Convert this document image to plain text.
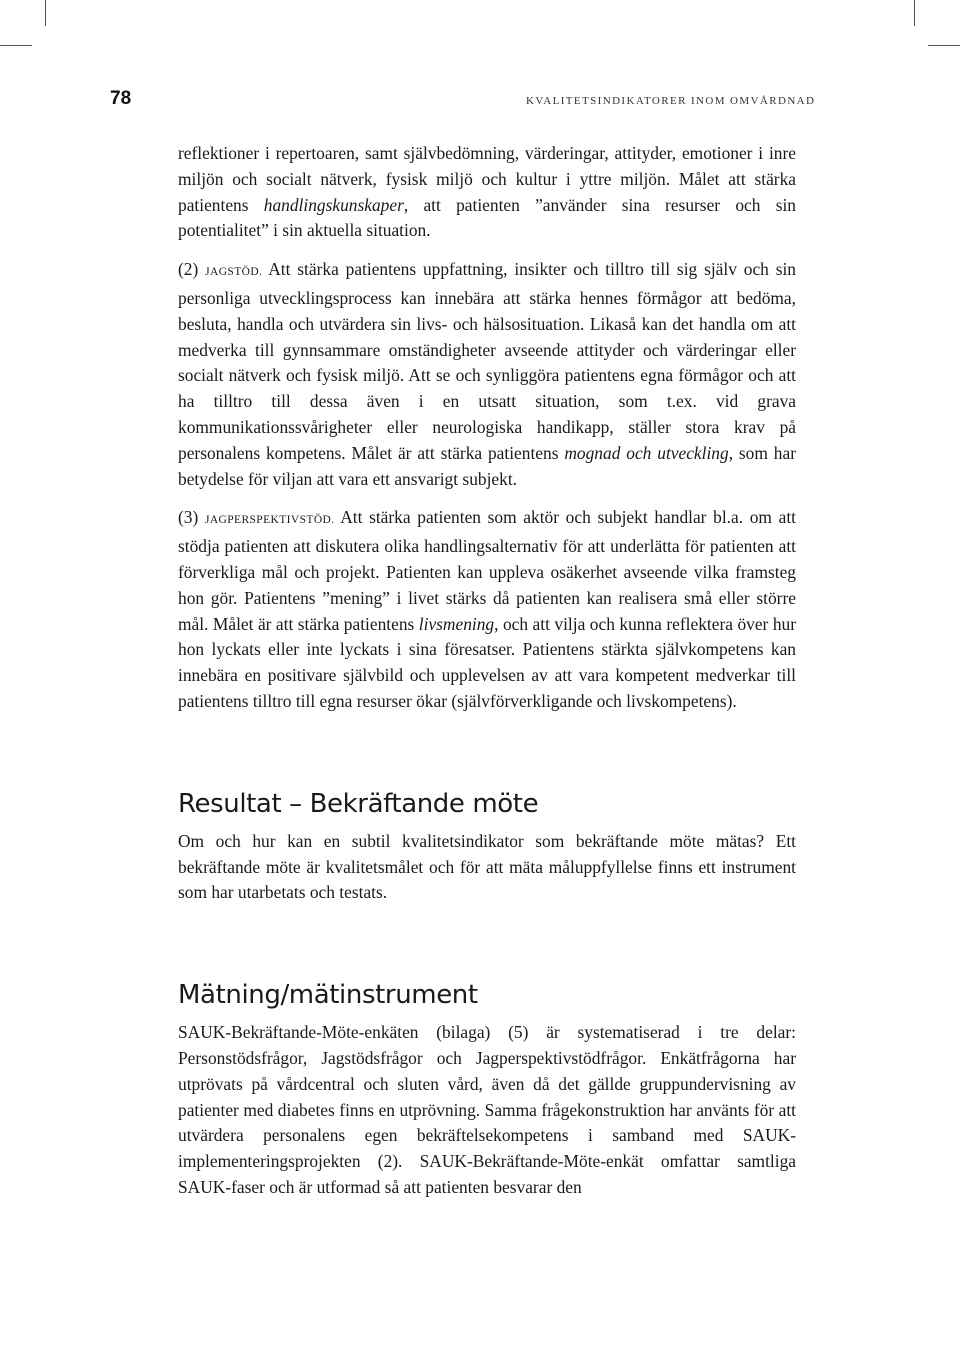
78	KVALITETSINDIKATORER INOM OMVÅRDNAD

reflektioner i repertoaren, samt självbedömning, värderingar, attityder, emotioner i inre miljön och socialt nätverk, fysisk miljö och kultur i yttre miljön. Målet att stärka patientens handlingskunskaper, att patienten ”använder sina resurser och sin potentialitet” i sin aktuella situation.

(2) JAGSTÖD. Att stärka patientens uppfattning, insikter och tilltro till sig själv och sin personliga utvecklingsprocess kan innebära att stärka hennes förmågor att bedöma, besluta, handla och utvärdera sin livs- och hälsosituation. Likaså kan det handla om att medverka till gynnsammare omständigheter avseende attityder och värderingar eller socialt nätverk och fysisk miljö. Att se och synliggöra patientens egna förmågor och att ha tilltro till dessa även i en utsatt situation, som t.ex. vid grava kommunikationssvårigheter eller neurologiska handikapp, ställer stora krav på personalens kompetens. Målet är att stärka patientens mognad och utveckling, som har betydelse för viljan att vara ett ansvarigt subjekt.

(3) JAGPERSPEKTIVSTÖD. Att stärka patienten som aktör och subjekt handlar bl.a. om att stödja patienten att diskutera olika handlingsalternativ för att underlätta för patienten att förverkliga mål och projekt. Patienten kan uppleva osäkerhet avseende vilka framsteg hon gör. Patientens ”mening” i livet stärks då patienten kan realisera små eller större mål. Målet är att stärka patientens livsmening, och att vilja och kunna reflektera över hur hon lyckats eller inte lyckats i sina föresatser. Patientens stärkta självkompetens kan innebära en positivare självbild och upplevelsen av att vara kompetent medverkar till patientens tilltro till egna resurser ökar (självförverkligande och livskompetens).

Resultat – Bekräftande möte

Om och hur kan en subtil kvalitetsindikator som bekräftande möte mätas? Ett bekräftande möte är kvalitetsmålet och för att mäta måluppfyllelse finns ett instrument som har utarbetats och testats.

Mätning/mätinstrument

SAUK-Bekräftande-Möte-enkäten (bilaga) (5) är systematiserad i tre delar: Personstödsfrågor, Jagstödsfrågor och Jagperspektivstödfrågor. Enkätfrågorna har utprövats på vårdcentral och sluten vård, även då det gällde gruppundervisning av patienter med diabetes finns en utprövning. Samma frågekonstruktion har använts för att utvärdera personalens egen bekräftelsekompetens i samband med SAUK-implementeringsprojekten (2). SAUK-Bekräftande-Möte-enkät omfattar samtliga SAUK-faser och är utformad så att patienten besvarar den
